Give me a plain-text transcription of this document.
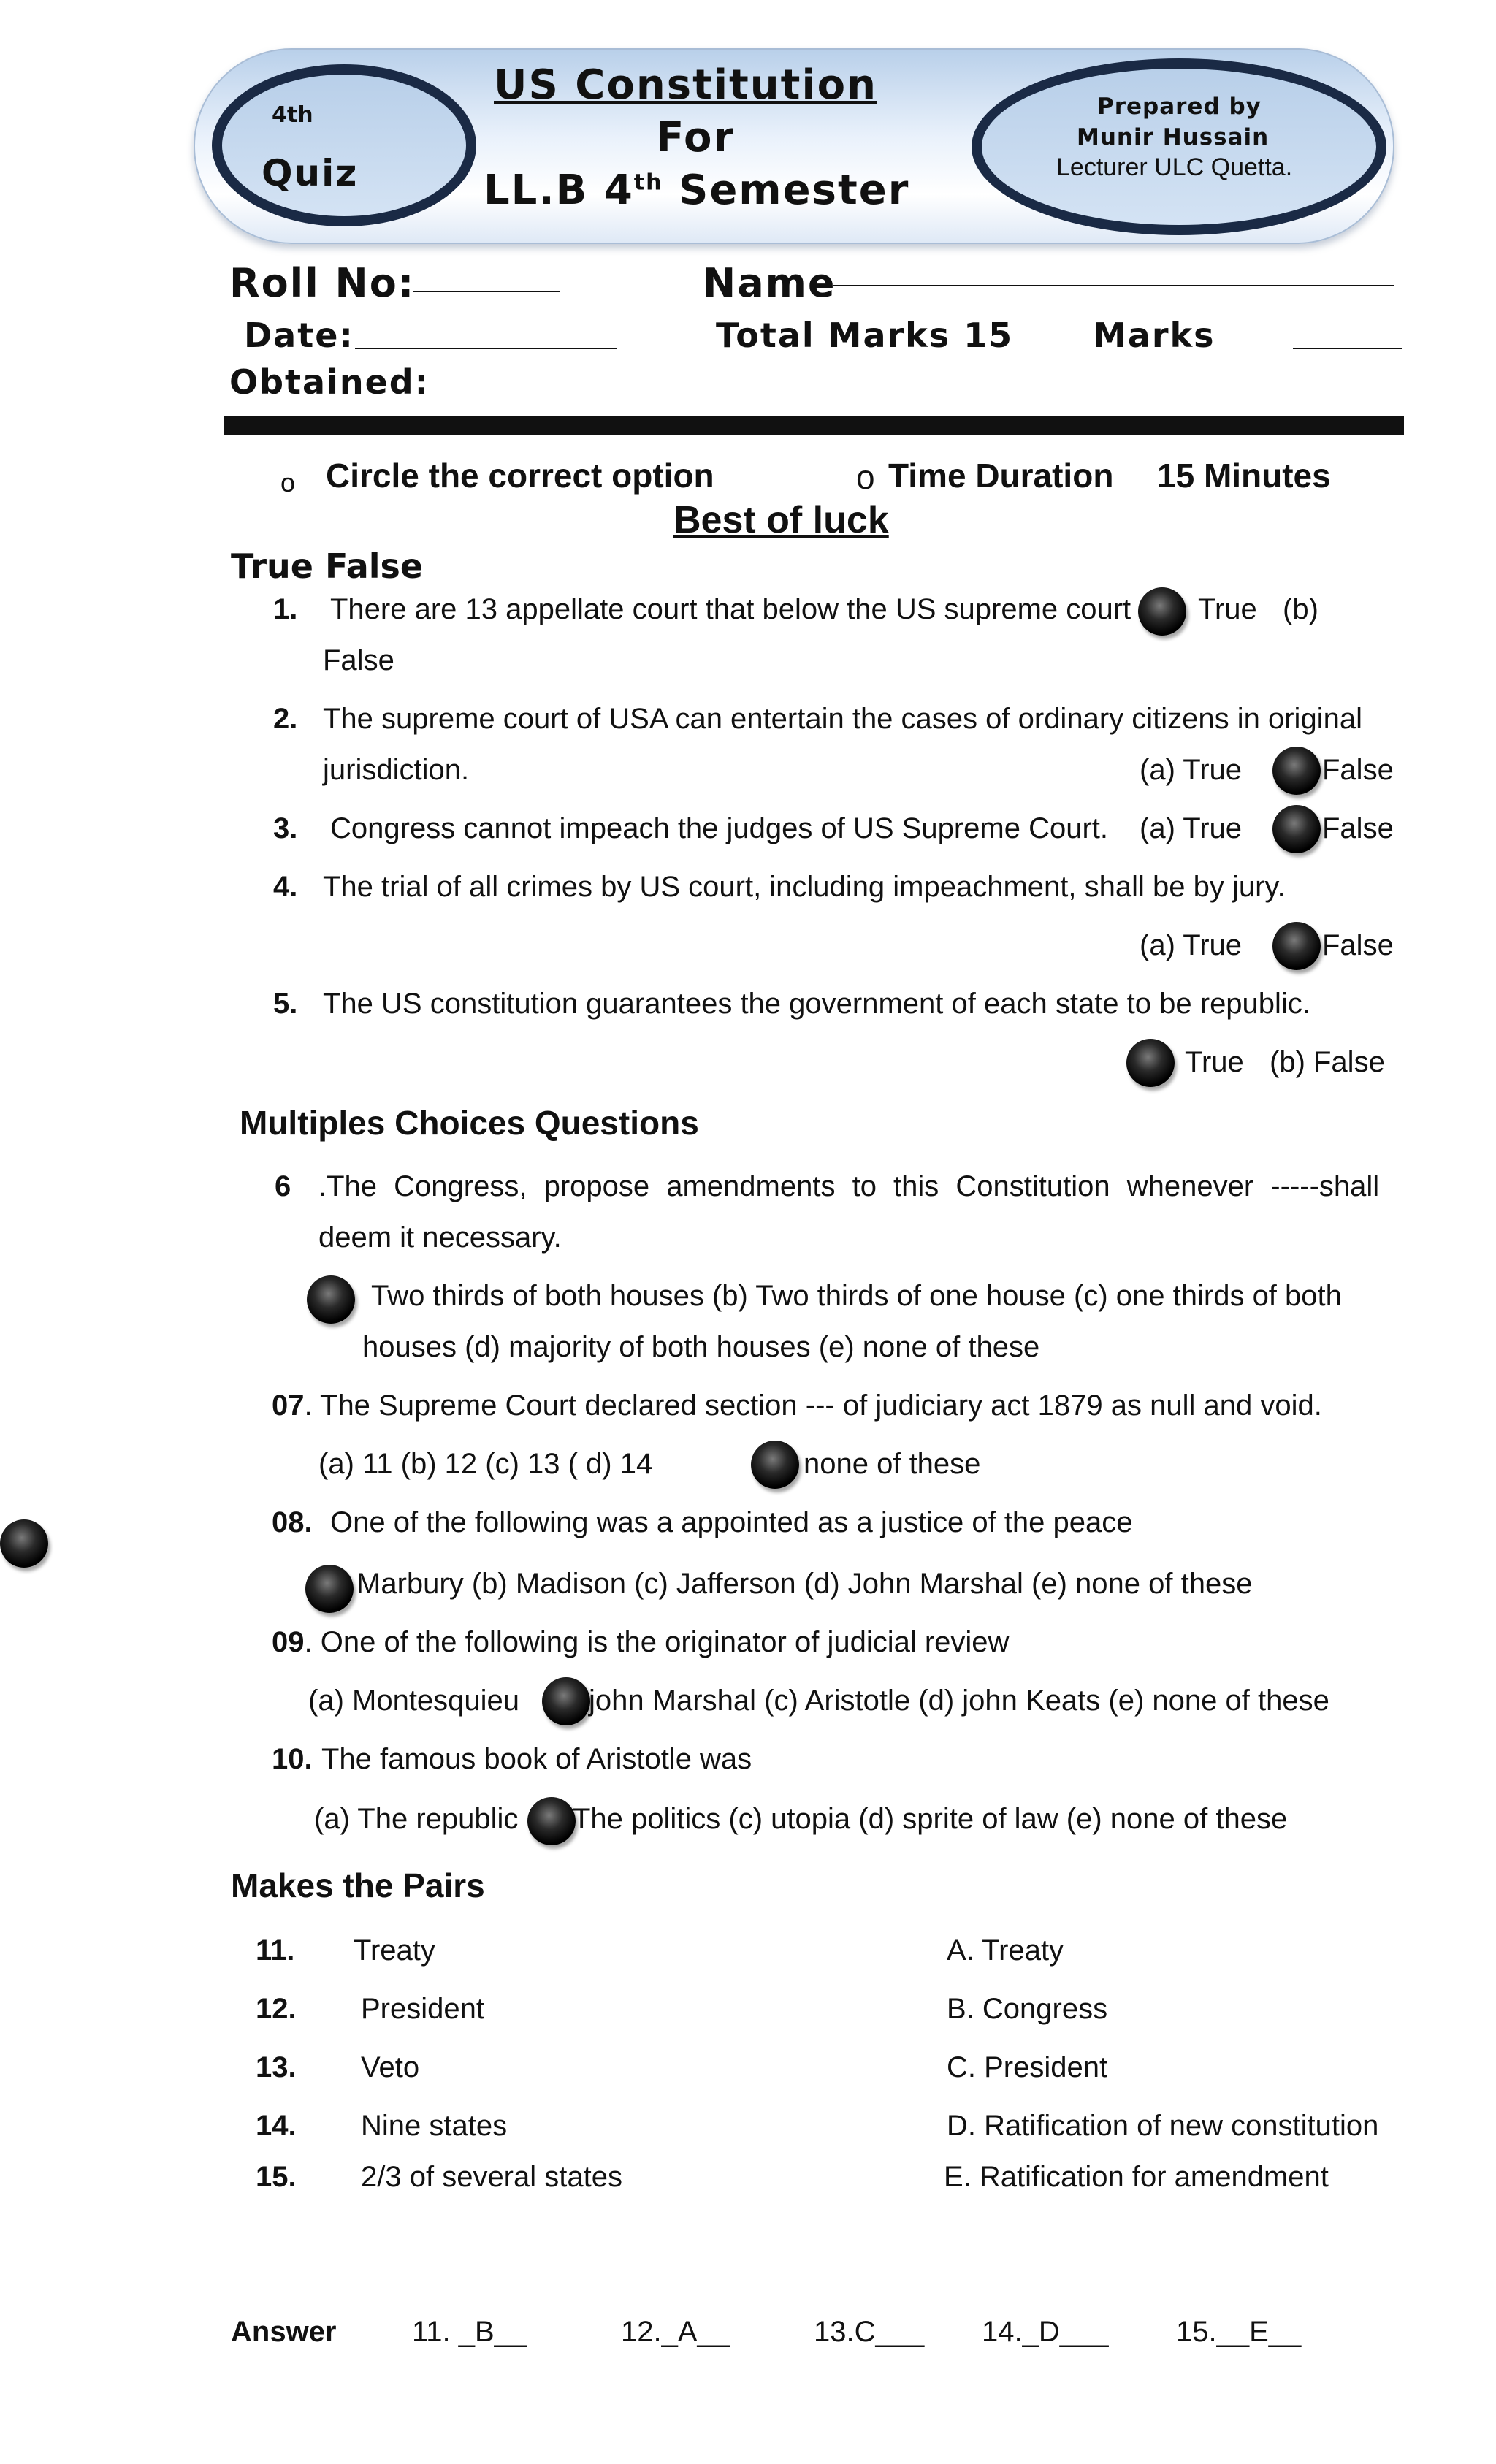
4th
Quiz
US Constitution
For
LL.B 4th Semester
Prepared by
Munir Hussain
Lecturer ULC Quetta.
Roll No:	Name
Date:	Total Marks 15 Marks
Obtained:
o Circle the correct option	o Time Duration 15 Minutes
Best of luck
True False
1. There are 13 appellate court that below the US supreme court True (b)
False
2. The supreme court of USA can entertain the cases of ordinary citizens in original
jurisdiction.	(a) True	False
3. Congress cannot impeach the judges of US Supreme Court. (a) True	False
4. The trial of all crimes by US court, including impeachment, shall be by jury.
(a) True	False
5. The US constitution guarantees the government of each state to be republic.
True (b) False
Multiples Choices Questions
6 .The Congress, propose amendments to this Constitution whenever -----shall
deem it necessary.
Two thirds of both houses (b) Two thirds of one house (c) one thirds of both
houses (d) majority of both houses (e) none of these
07. The Supreme Court declared section --- of judiciary act 1879 as null and void.
(a) 11 (b) 12 (c) 13 ( d) 14	none of these
08. One of the following was a appointed as a justice of the peace
Marbury (b) Madison (c) Jafferson (d) John Marshal (e) none of these
09. One of the following is the originator of judicial review
(a) Montesquieu john Marshal (c) Aristotle (d) john Keats (e) none of these
10. The famous book of Aristotle was
(a) The republic The politics (c) utopia (d) sprite of law (e) none of these
Makes the Pairs
11. Treaty	A. Treaty
12. President	B. Congress
13. Veto	C. President
14. Nine states	D. Ratification of new constitution
15. 2/3 of several states	E. Ratification for amendment
Answer	11. _B__	12._A__	13.C___ 14._D___ 15.__E__
